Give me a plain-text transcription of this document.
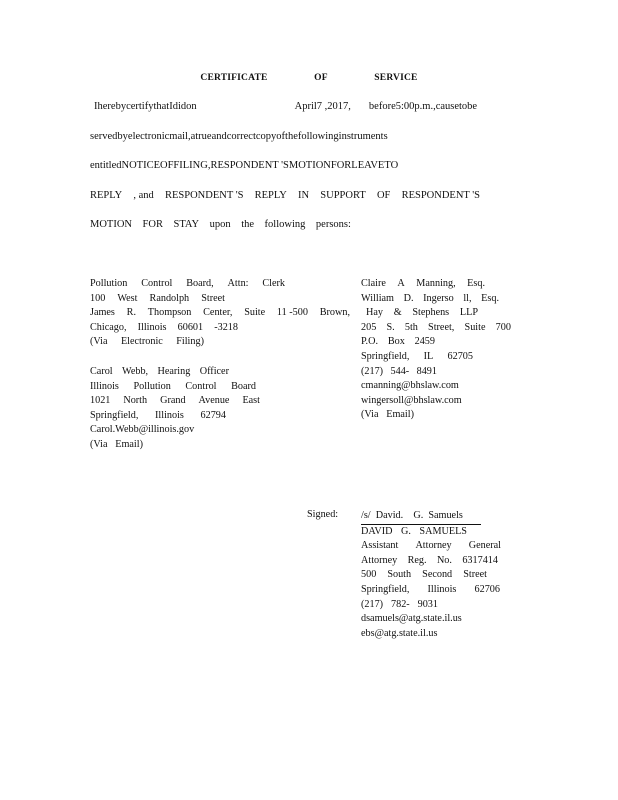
CERTIFICATE	OF	SERVICE
IherebycertifythatIdidon	April7 ,2017, before5:00p.m.,causetobe
servedbyelectronicmail,atrueandcorrectcopyofthefollowinginstruments
entitledNOTICEOFFILING,RESPONDENT 'SMOTIONFORLEAVETO
REPLY , and RESPONDENT 'S REPLY IN SUPPORT OF RESPONDENT 'S
MOTION FOR STAY upon the following persons:
Pollution Control Board, Attn: Clerk
100 West Randolph Street
James R. Thompson Center, Suite 11 -500 Brown,
Chicago, Illinois 60601 -3218
(Via Electronic Filing)
Carol Webb, Hearing Officer
Illinois Pollution Control Board
1021 North Grand Avenue East
Springfield, Illinois 62794
Carol.Webb@illinois.gov
(Via Email)
Claire A Manning, Esq.
William D. Ingerso ll, Esq.
Hay & Stephens LLP
205 S. 5th Street, Suite 700
P.O. Box 2459
Springfield, IL 62705
(217) 544- 8491
cmanning@bhslaw.com
wingersoll@bhslaw.com
(Via Email)
Signed: /s/  David.    G.  Samuels
DAVID G. SAMUELS
Assistant Attorney General
Attorney Reg. No. 6317414
500 South Second Street
Springfield, Illinois 62706
(217) 782- 9031
dsamuels@atg.state.il.us
ebs@atg.state.il.us
